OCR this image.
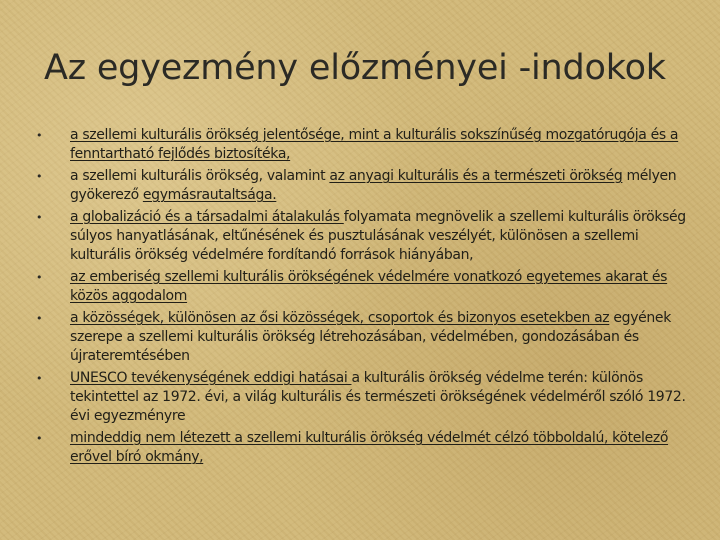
Az egyezmény előzményei -indokok
• a szellemi kulturális örökség jelentősége, mint a kulturális sokszínűség mozgatórugója és a fenntartható fejlődés biztosítéka,
• a szellemi kulturális örökség, valamint az anyagi kulturális és a természeti örökség mélyen gyökerező egymásrautaltsága.
• a globalizáció és a társadalmi átalakulás folyamata megnövelik a szellemi kulturális örökség súlyos hanyatlásának, eltűnésének és pusztulásának veszélyét, különösen a szellemi kulturális örökség védelmére fordítandó források hiányában,
• az emberiség szellemi kulturális örökségének védelmére vonatkozó egyetemes akarat és közös aggodalom
• a közösségek, különösen az ősi közösségek, csoportok és bizonyos esetekben az egyének szerepe a szellemi kulturális örökség létrehozásában, védelmében, gondozásában és újrateremtésében
• UNESCO tevékenységének eddigi hatásai a kulturális örökség védelme terén: különös tekintettel az 1972. évi, a világ kulturális és természeti örökségének védelméről szóló 1972. évi egyezményre
• mindeddig nem létezett a szellemi kulturális örökség védelmét célzó többoldalú, kötelező erővel bíró okmány,
